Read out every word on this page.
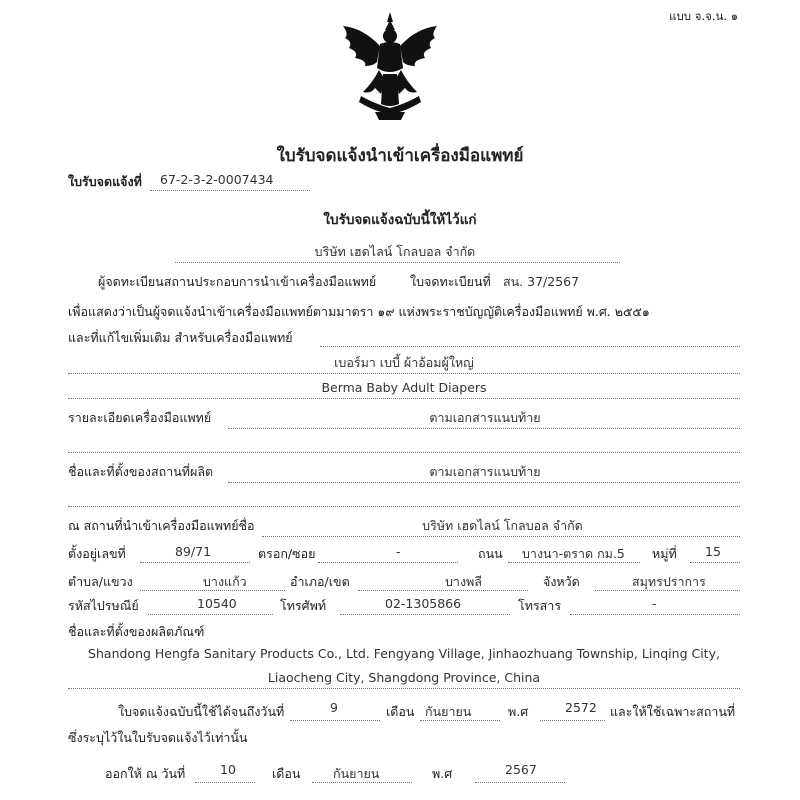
แบบ จ.จ.น. ๑
ใบรับจดแจ้งนำเข้าเครื่องมือแพทย์
ใบรับจดแจ้งที่ 67-2-3-2-0007434
ใบรับจดแจ้งฉบับนี้ให้ไว้แก่
บริษัท เฮดไลน์ โกลบอล จำกัด
ผู้จดทะเบียนสถานประกอบการนำเข้าเครื่องมือแพทย์	ใบจดทะเบียนที่ สน. 37/2567
เพื่อแสดงว่าเป็นผู้จดแจ้งนำเข้าเครื่องมือแพทย์ตามมาตรา ๑๙ แห่งพระราชบัญญัติเครื่องมือแพทย์ พ.ศ. ๒๕๕๑
และที่แก้ไขเพิ่มเติม สำหรับเครื่องมือแพทย์
เบอร์มา เบบี้ ผ้าอ้อมผู้ใหญ่
Berma Baby Adult Diapers
รายละเอียดเครื่องมือแพทย์	ตามเอกสารแนบท้าย
ชื่อและที่ตั้งของสถานที่ผลิต	ตามเอกสารแนบท้าย
ณ สถานที่นำเข้าเครื่องมือแพทย์ชื่อ	บริษัท เฮดไลน์ โกลบอล จำกัด
ตั้งอยู่เลขที่	89/71	ตรอก/ซอย	-	ถนน บางนา-ตราด กม.5 หมู่ที่ 15
ตำบล/แขวง	บางแก้ว	อำเภอ/เขต	บางพลี	จังหวัด	สมุทรปราการ
รหัสไปรษณีย์	10540	โทรศัพท์	02-1305866	โทรสาร	-
ชื่อและที่ตั้งของผลิตภัณฑ์
Shandong Hengfa Sanitary Products Co., Ltd. Fengyang Village, Jinhaozhuang Township, Linqing City,
Liaocheng City, Shangdong Province, China
ใบจดแจ้งฉบับนี้ใช้ได้จนถึงวันที่	9	เดือน กันยายน	พ.ศ	2572 และให้ใช้เฉพาะสถานที่
ซึ่งระบุไว้ในใบรับจดแจ้งไว้เท่านั้น
ออกให้ ณ วันที่	10	เดือน	กันยายน	พ.ศ	2567
